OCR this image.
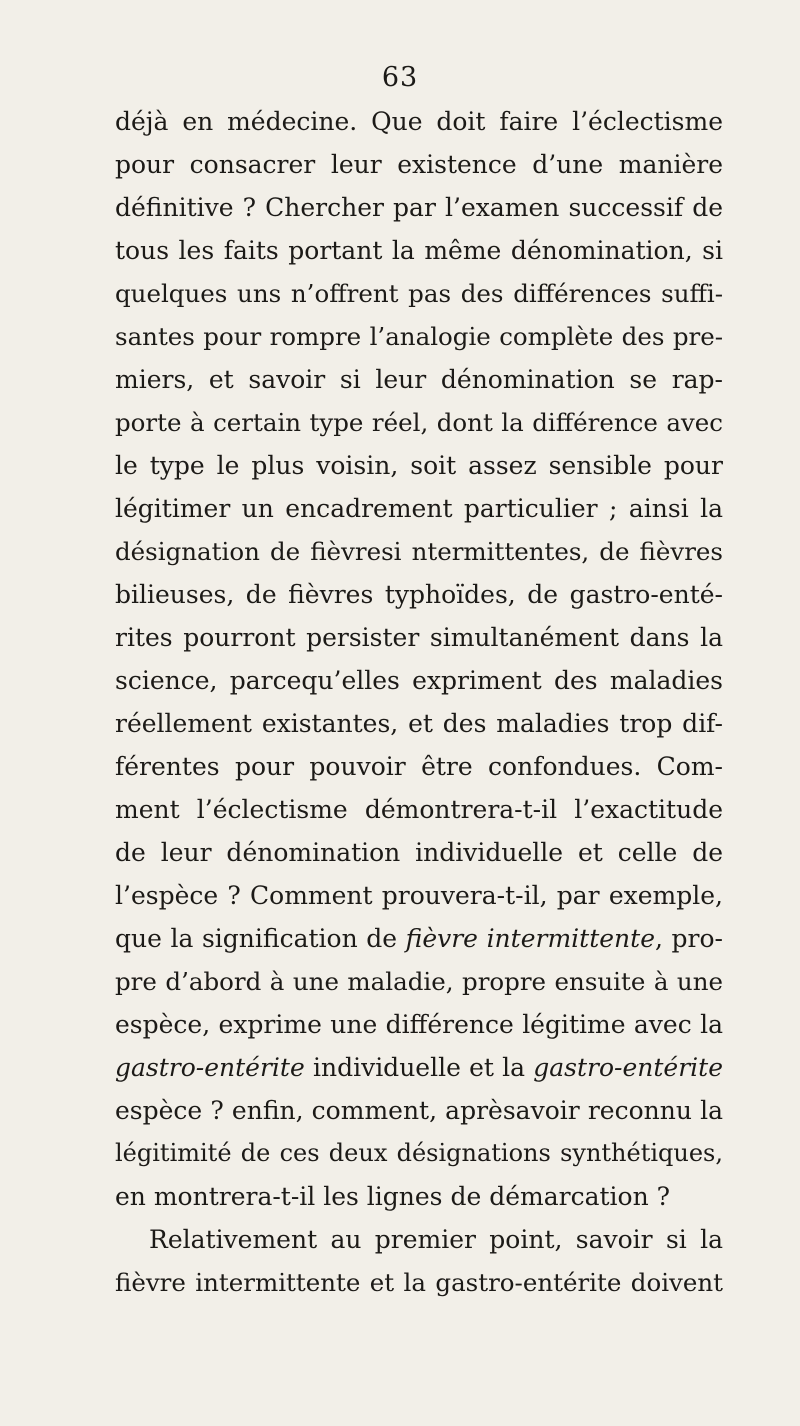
63
déjà en médecine. Que doit faire l’éclectisme
pour consacrer leur existence d’une manière
définitive ? Chercher par l’examen successif de
tous les faits portant la même dénomination, si
quelques uns n’offrent pas des différences suffi-
santes pour rompre l’analogie complète des pre-
miers, et savoir si leur dénomination se rap-
porte à certain type réel, dont la différence avec
le type le plus voisin, soit assez sensible pour
légitimer un encadrement particulier ; ainsi la
désignation de fièvresi ntermittentes, de fièvres
bilieuses, de fièvres typhoïdes, de gastro-enté-
rites pourront persister simultanément dans la
science, parcequ’elles expriment des maladies
réellement existantes, et des maladies trop dif-
férentes pour pouvoir être confondues. Com-
ment l’éclectisme démontrera-t-il l’exactitude
de leur dénomination individuelle et celle de
l’espèce ? Comment prouvera-t-il, par exemple,
que la signification de fièvre intermittente, pro-
pre d’abord à une maladie, propre ensuite à une
espèce, exprime une différence légitime avec la
gastro-entérite individuelle et la gastro-entérite
espèce ? enfin, comment, aprèsavoir reconnu la
légitimité de ces deux désignations synthétiques,
en montrera-t-il les lignes de démarcation ?
Relativement au premier point, savoir si la
fièvre intermittente et la gastro-entérite doivent
